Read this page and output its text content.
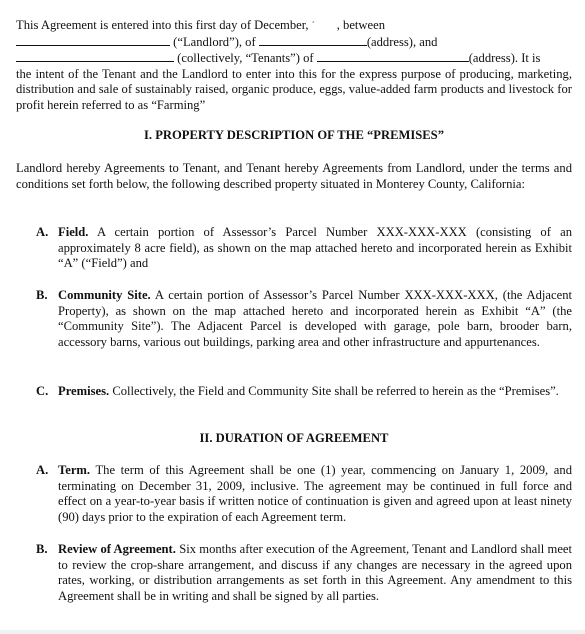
This Agreement is entered into this first day of December, $^ˊ$ , between
(“Landlord”), of	(address), and
(collectively, “Tenants”) of	(address). It is
the intent of the Tenant and the Landlord to enter into this for the express purpose of producing, marketing, distribution and sale of sustainably raised, organic produce, eggs, value-added farm products and livestock for profit herein referred to as “Farming”
I. PROPERTY DESCRIPTION OF THE “PREMISES”
Landlord hereby Agreements to Tenant, and Tenant hereby Agreements from Landlord, under the terms and conditions set forth below, the following described property situated in Monterey County, California:
A. Field. A certain portion of Assessor’s Parcel Number XXX-XXX-XXX (consisting of an approximately 8 acre field), as shown on the map attached hereto and incorporated herein as Exhibit “A” (“Field”) and
B. Community Site. A certain portion of Assessor’s Parcel Number XXX-XXX-XXX, (the Adjacent Property), as shown on the map attached hereto and incorporated herein as Exhibit “A” (the “Community Site”). The Adjacent Parcel is developed with garage, pole barn, brooder barn, accessory barns, various out buildings, parking area and other infrastructure and appurtenances.
C. Premises. Collectively, the Field and Community Site shall be referred to herein as the “Premises”.
II. DURATION OF AGREEMENT
A. Term. The term of this Agreement shall be one (1) year, commencing on January 1, 2009, and terminating on December 31, 2009, inclusive. The agreement may be continued in full force and effect on a year-to-year basis if written notice of continuation is given and agreed upon at least ninety (90) days prior to the expiration of each Agreement term.
B. Review of Agreement. Six months after execution of the Agreement, Tenant and Landlord shall meet to review the crop-share arrangement, and discuss if any changes are necessary in the agreed upon rates, working, or distribution arrangements as set forth in this Agreement. Any amendment to this Agreement shall be in writing and shall be signed by all parties.
